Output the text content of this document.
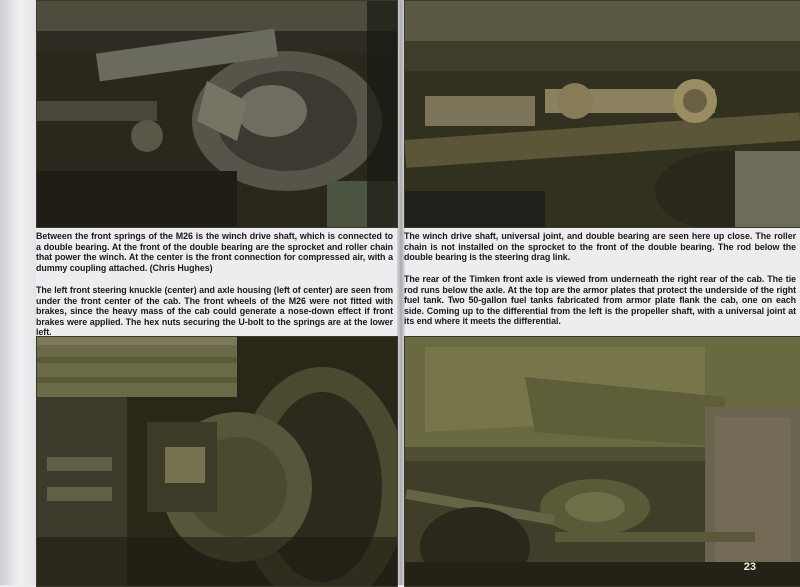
Between the front springs of the M26 is the winch drive shaft, which is connected to a double bearing. At the front of the double bearing are the sprocket and roller chain that power the winch. At the center is the front connection for compressed air, with a dummy coupling attached. (Chris Hughes)

The left front steering knuckle (center) and axle housing (left of center) are seen from under the front center of the cab. The front wheels of the M26 were not fitted with brakes, since the heavy mass of the cab could generate a nose-down effect if front brakes were applied. The hex nuts securing the U-bolt to the springs are at the lower left.

The winch drive shaft, universal joint, and double bearing are seen here up close. The roller chain is not installed on the sprocket to the front of the double bearing. The rod below the double bearing is the steering drag link.

The rear of the Timken front axle is viewed from underneath the right rear of the cab. The tie rod runs below the axle. At the top are the armor plates that protect the underside of the right fuel tank. Two 50-gallon fuel tanks fabricated from armor plate flank the cab, one on each side. Coming up to the differential from the left is the propeller shaft, with a universal joint at its end where it meets the differential.

23
